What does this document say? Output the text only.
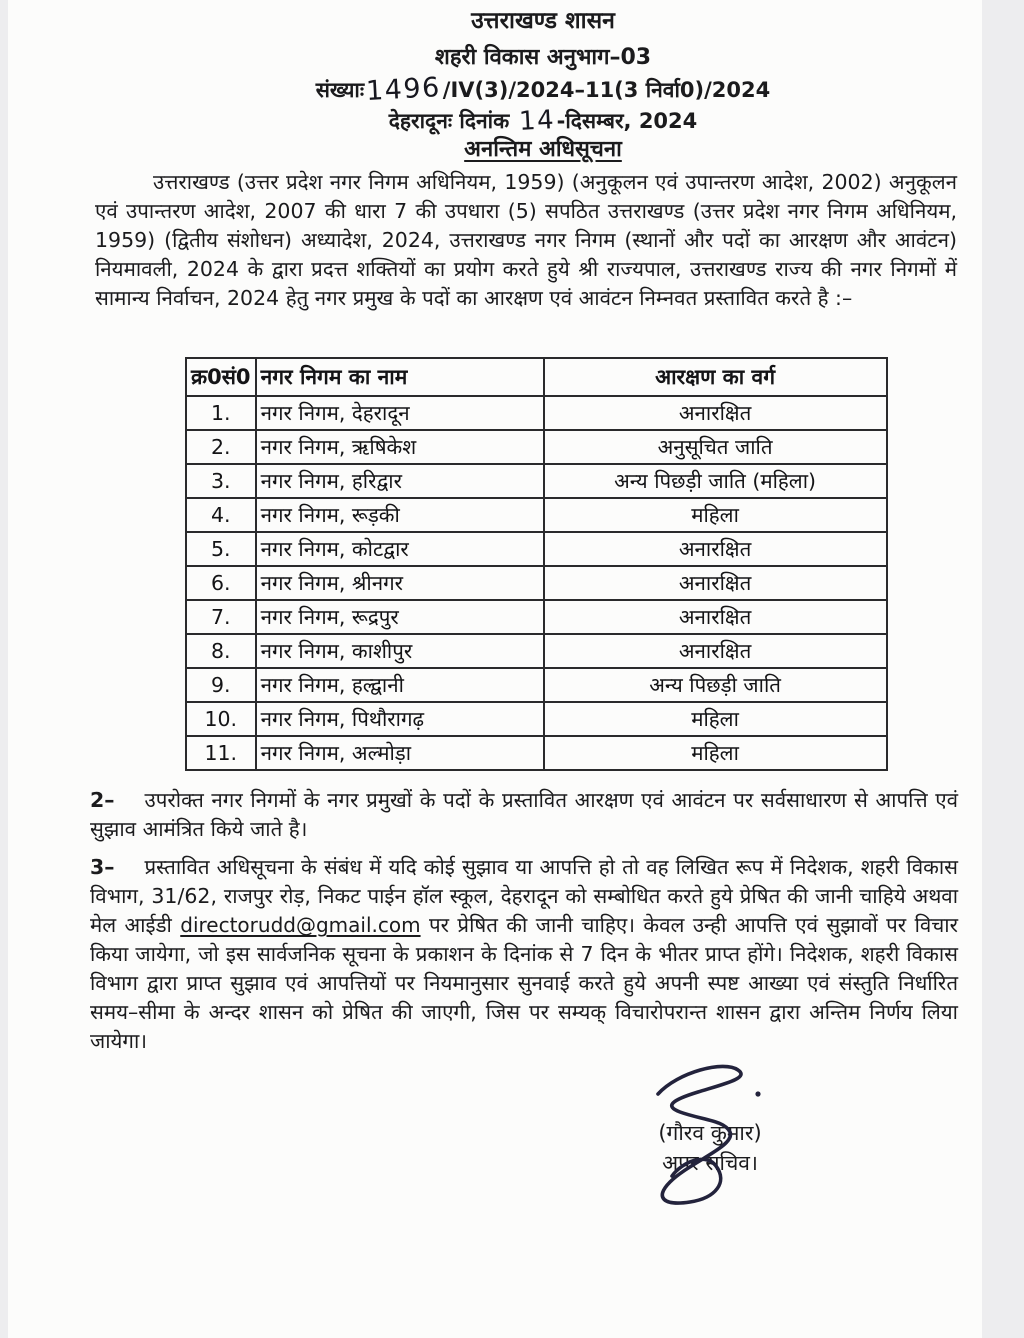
उत्तराखण्ड शासन
शहरी विकास अनुभाग–03
संख्याः1496/IV(3)/2024–11(3 निर्वा0)/2024
देहरादूनः दिनांक 14-दिसम्बर, 2024
अनन्तिम अधिसूचना
उत्तराखण्ड (उत्तर प्रदेश नगर निगम अधिनियम, 1959) (अनुकूलन एवं उपान्तरण आदेश, 2002) अनुकूलन एवं उपान्तरण आदेश, 2007 की धारा 7 की उपधारा (5) सपठित उत्तराखण्ड (उत्तर प्रदेश नगर निगम अधिनियम, 1959) (द्वितीय संशोधन) अध्यादेश, 2024, उत्तराखण्ड नगर निगम (स्थानों और पदों का आरक्षण और आवंटन) नियमावली, 2024 के द्वारा प्रदत्त शक्तियों का प्रयोग करते हुये श्री राज्यपाल, उत्तराखण्ड राज्य की नगर निगमों में सामान्य निर्वाचन, 2024 हेतु नगर प्रमुख के पदों का आरक्षण एवं आवंटन निम्नवत प्रस्तावित करते है :–
क्र0सं0	नगर निगम का नाम	आरक्षण का वर्ग
1.	नगर निगम, देहरादून	अनारक्षित
2.	नगर निगम, ऋषिकेश	अनुसूचित जाति
3.	नगर निगम, हरिद्वार	अन्य पिछड़ी जाति (महिला)
4.	नगर निगम, रूड़की	महिला
5.	नगर निगम, कोटद्वार	अनारक्षित
6.	नगर निगम, श्रीनगर	अनारक्षित
7.	नगर निगम, रूद्रपुर	अनारक्षित
8.	नगर निगम, काशीपुर	अनारक्षित
9.	नगर निगम, हल्द्वानी	अन्य पिछड़ी जाति
10.	नगर निगम, पिथौरागढ़	महिला
11.	नगर निगम, अल्मोड़ा	महिला
2– उपरोक्त नगर निगमों के नगर प्रमुखों के पदों के प्रस्तावित आरक्षण एवं आवंटन पर सर्वसाधारण से आपत्ति एवं सुझाव आमंत्रित किये जाते है।
3– प्रस्तावित अधिसूचना के संबंध में यदि कोई सुझाव या आपत्ति हो तो वह लिखित रूप में निदेशक, शहरी विकास विभाग, 31/62, राजपुर रोड़, निकट पाईन हॉल स्कूल, देहरादून को सम्बोधित करते हुये प्रेषित की जानी चाहिये अथवा मेल आईडी directorudd@gmail.com पर प्रेषित की जानी चाहिए। केवल उन्ही आपत्ति एवं सुझावों पर विचार किया जायेगा, जो इस सार्वजनिक सूचना के प्रकाशन के दिनांक से 7 दिन के भीतर प्राप्त होंगे। निदेशक, शहरी विकास विभाग द्वारा प्राप्त सुझाव एवं आपत्तियों पर नियमानुसार सुनवाई करते हुये अपनी स्पष्ट आख्या एवं संस्तुति निर्धारित समय–सीमा के अन्दर शासन को प्रेषित की जाएगी, जिस पर सम्यक् विचारोपरान्त शासन द्वारा अन्तिम निर्णय लिया जायेगा।
(गौरव कुमार)
अपर सचिव।
